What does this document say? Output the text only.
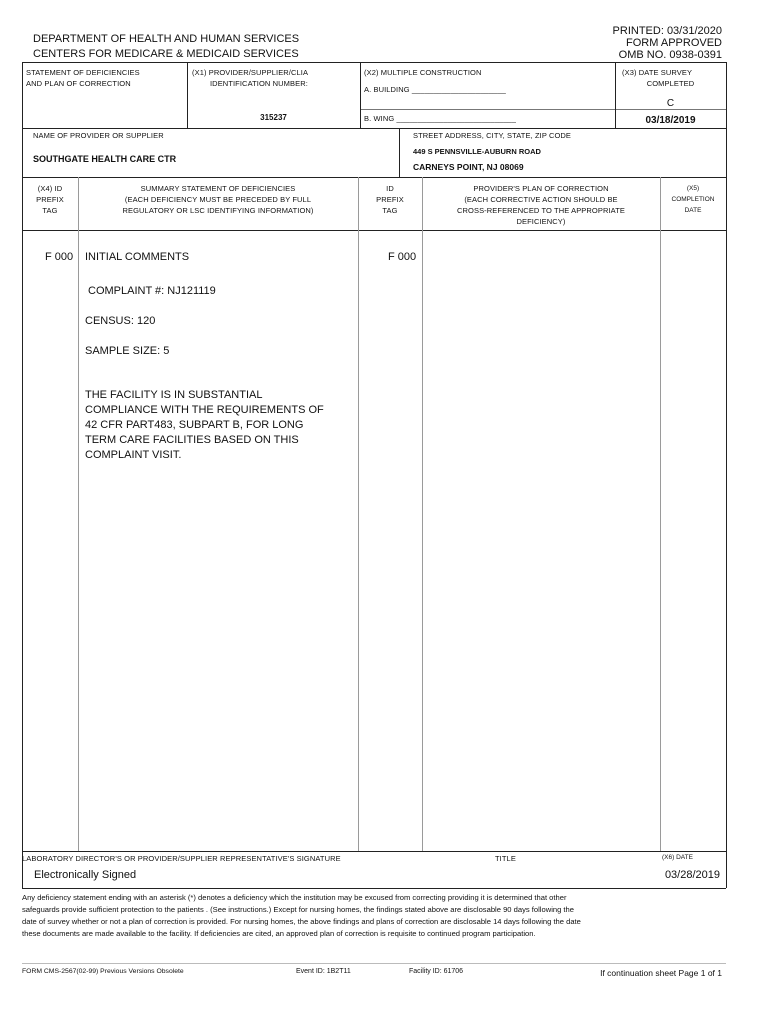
DEPARTMENT OF HEALTH AND HUMAN SERVICES
CENTERS FOR MEDICARE & MEDICAID SERVICES
PRINTED: 03/31/2020
FORM APPROVED
OMB NO. 0938-0391
STATEMENT OF DEFICIENCIES
AND PLAN OF CORRECTION
(X1) PROVIDER/SUPPLIER/CLIA
IDENTIFICATION NUMBER:
315237
(X2) MULTIPLE CONSTRUCTION
A. BUILDING ______________________
B. WING ____________________________
(X3) DATE SURVEY
COMPLETED
C
03/18/2019
NAME OF PROVIDER OR SUPPLIER
SOUTHGATE HEALTH CARE CTR
STREET ADDRESS, CITY, STATE, ZIP CODE
449 S PENNSVILLE-AUBURN ROAD
CARNEYS POINT, NJ 08069
(X4) ID
PREFIX
TAG
SUMMARY STATEMENT OF DEFICIENCIES
(EACH DEFICIENCY MUST BE PRECEDED BY FULL
REGULATORY OR LSC IDENTIFYING INFORMATION)
ID
PREFIX
TAG
PROVIDER'S PLAN OF CORRECTION
(EACH CORRECTIVE ACTION SHOULD BE
CROSS-REFERENCED TO THE APPROPRIATE
DEFICIENCY)
(X5)
COMPLETION
DATE
F 000 INITIAL COMMENTS	F 000
COMPLAINT #: NJ121119
CENSUS: 120
SAMPLE SIZE: 5
THE FACILITY IS IN SUBSTANTIAL
COMPLIANCE WITH THE REQUIREMENTS OF
42 CFR PART483, SUBPART B, FOR LONG
TERM CARE FACILITIES BASED ON THIS
COMPLAINT VISIT.
LABORATORY DIRECTOR'S OR PROVIDER/SUPPLIER REPRESENTATIVE'S SIGNATURE	TITLE	(X6) DATE
Electronically Signed	03/28/2019
Any deficiency statement ending with an asterisk (*) denotes a deficiency which the institution may be excused from correcting providing it is determined that other
safeguards provide sufficient protection to the patients . (See instructions.) Except for nursing homes, the findings stated above are disclosable 90 days following the
date of survey whether or not a plan of correction is provided. For nursing homes, the above findings and plans of correction are disclosable 14 days following the date
these documents are made available to the facility. If deficiencies are cited, an approved plan of correction is requisite to continued program participation.
FORM CMS-2567(02-99) Previous Versions Obsolete	Event ID: 1B2T11	Facility ID: 61706	If continuation sheet Page 1 of 1
